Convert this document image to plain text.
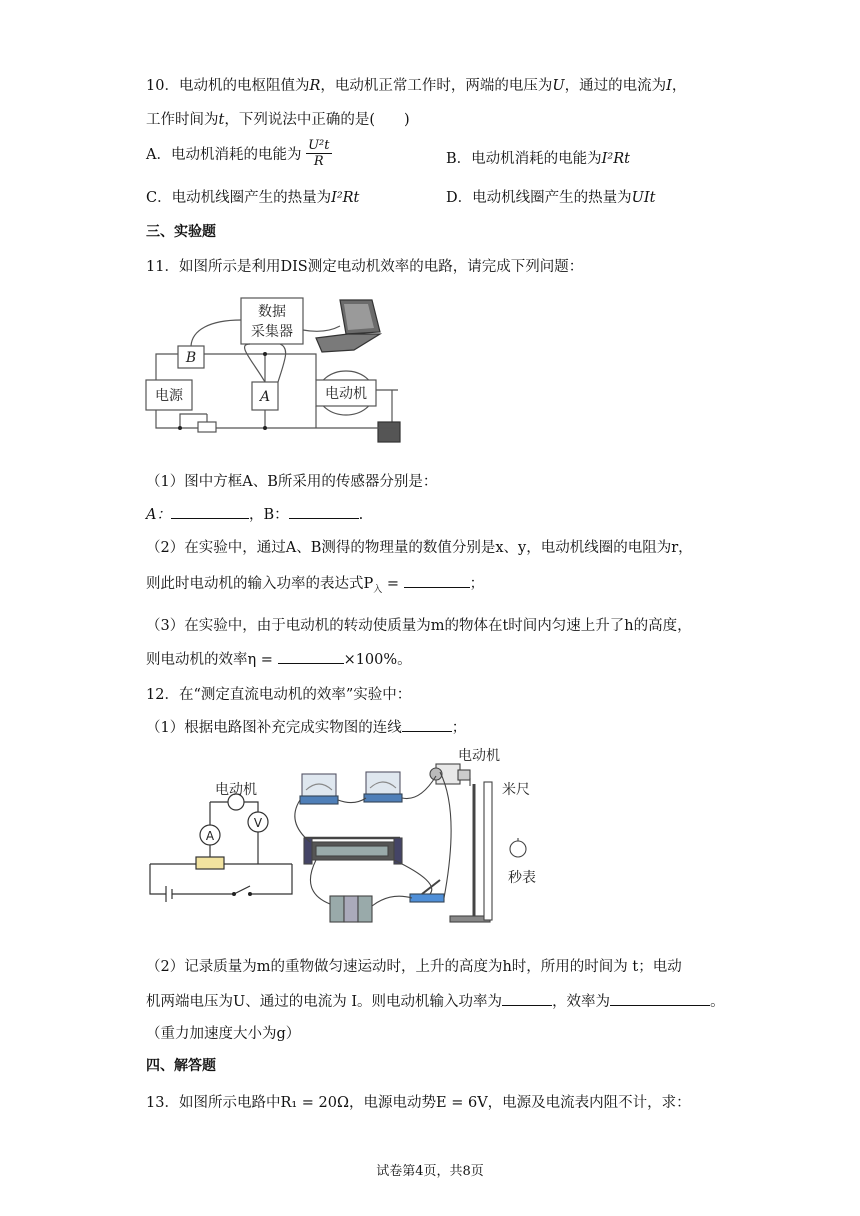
10．电动机的电枢阻值为R，电动机正常工作时，两端的电压为U，通过的电流为I，
工作时间为t，下列说法中正确的是(　　)
A．电动机消耗的电能为 $\frac{\text{U²t}}{R}$	B．电动机消耗的电能为I²Rt
C．电动机线圈产生的热量为I²Rt	D．电动机线圈产生的热量为UIt
三、实验题
11．如图所示是利用DIS测定电动机效率的电路，请完成下列问题：
数据
采集器
B
电源	A	电动机
（1）图中方框A、B所采用的传感器分别是：
A：	，B：	.
（2）在实验中，通过A、B测得的物理量的数值分别是x、y，电动机线圈的电阻为r，
则此时电动机的输入功率的表达式$P_入$ =	；
（3）在实验中，由于电动机的转动使质量为m的物体在t时间内匀速上升了h的高度，
则电动机的效率η =	×100%。
12．在“测定直流电动机的效率”实验中：
（1）根据电路图补充完成实物图的连线	；
电动机
A
V
电动机
米尺
秒表
（2）记录质量为m的重物做匀速运动时，上升的高度为h时，所用的时间为 t；电动
机两端电压为U、通过的电流为 I。则电动机输入功率为	，效率为	。
（重力加速度大小为g）
四、解答题
13．如图所示电路中R₁ = 20Ω，电源电动势E = 6V，电源及电流表内阻不计，求：
试卷第4页，共8页
